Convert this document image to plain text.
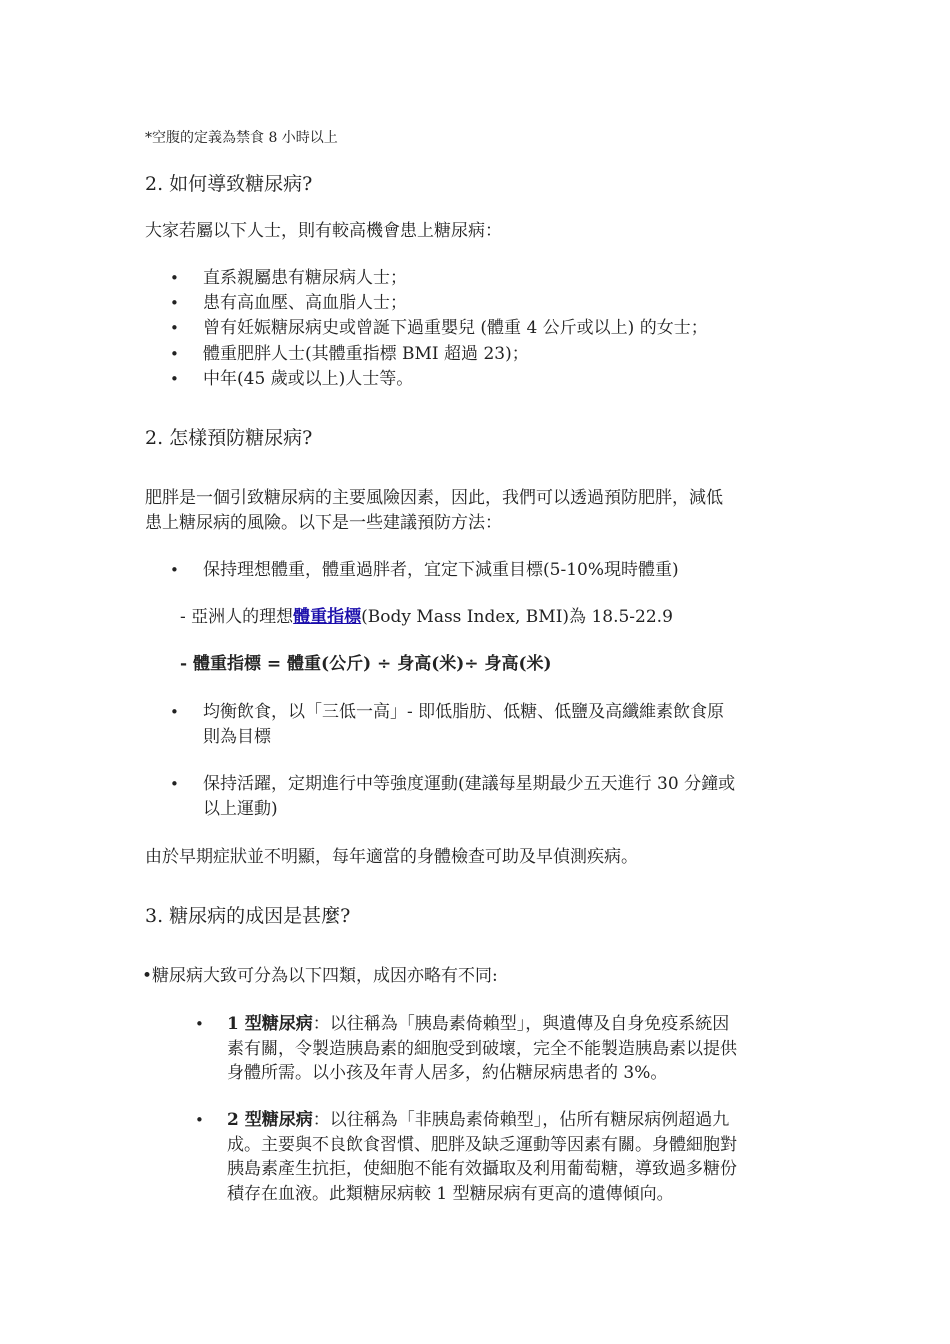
*空腹的定義為禁食 8 小時以上
2. 如何導致糖尿病?
大家若屬以下人士，則有較高機會患上糖尿病：
• 直系親屬患有糖尿病人士；
• 患有高血壓、高血脂人士；
• 曾有妊娠糖尿病史或曾誕下過重嬰兒 (體重 4 公斤或以上) 的女士；
• 體重肥胖人士(其體重指標 BMI 超過 23)；
• 中年(45 歲或以上)人士等。
2. 怎樣預防糖尿病?
肥胖是一個引致糖尿病的主要風險因素，因此，我們可以透過預防肥胖，減低
患上糖尿病的風險。以下是一些建議預防方法：
• 保持理想體重，體重過胖者，宜定下減重目標(5-10%現時體重)
- 亞洲人的理想體重指標(Body Mass Index, BMI)為 18.5-22.9
- 體重指標 = 體重(公斤) ÷ 身高(米)÷ 身高(米)
• 均衡飲食，以「三低一高」- 即低脂肪、低糖、低鹽及高纖維素飲食原
則為目標
• 保持活躍，定期進行中等強度運動(建議每星期最少五天進行 30 分鐘或
以上運動)
由於早期症狀並不明顯，每年適當的身體檢查可助及早偵測疾病。
3. 糖尿病的成因是甚麼?
•糖尿病大致可分為以下四類，成因亦略有不同:
• 1 型糖尿病：以往稱為「胰島素倚賴型」，與遺傳及自身免疫系統因
素有關，令製造胰島素的細胞受到破壞，完全不能製造胰島素以提供
身體所需。以小孩及年青人居多，約佔糖尿病患者的 3%。
• 2 型糖尿病：以往稱為「非胰島素倚賴型」，佔所有糖尿病例超過九
成。主要與不良飲食習慣、肥胖及缺乏運動等因素有關。身體細胞對
胰島素產生抗拒，使細胞不能有效攝取及利用葡萄糖，導致過多糖份
積存在血液。此類糖尿病較 1 型糖尿病有更高的遺傳傾向。
